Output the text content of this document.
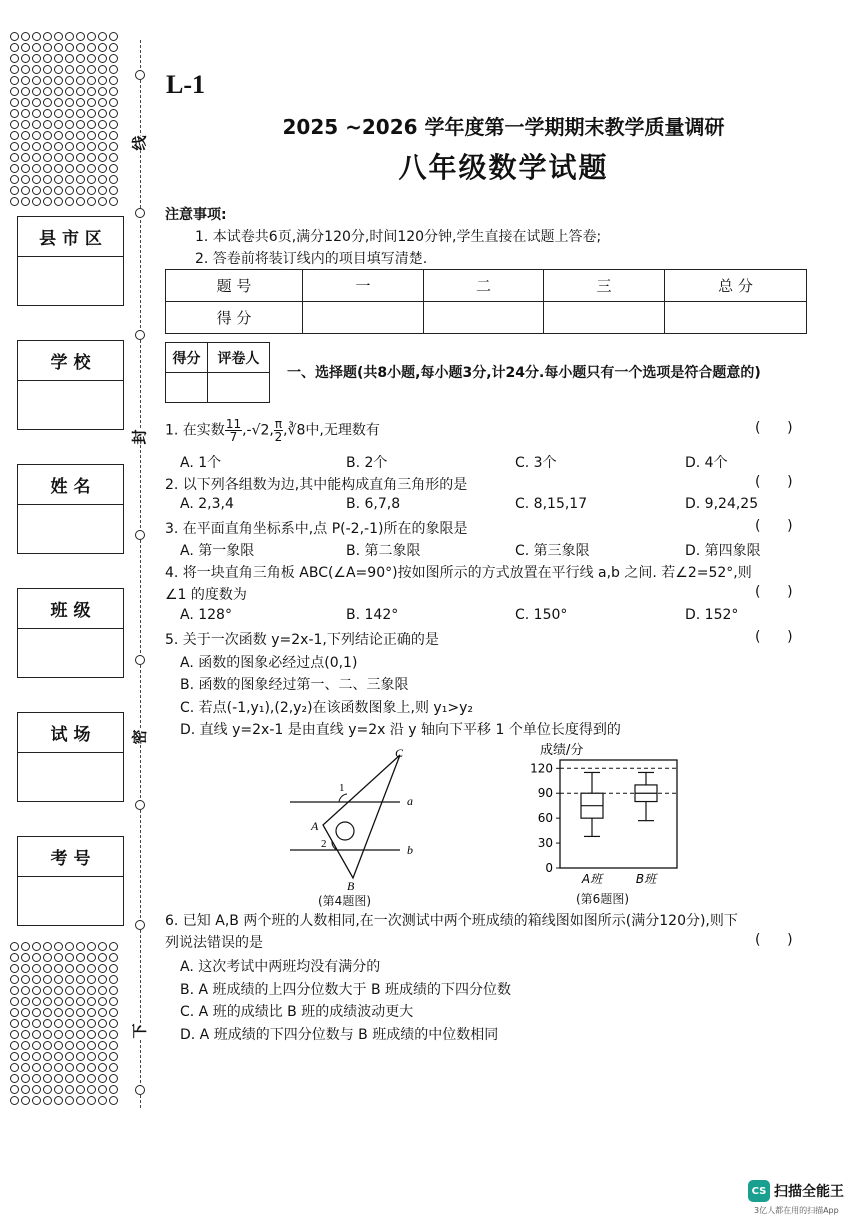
线
封
密
下
县 市 区
学 校
姓 名
班 级
试 场
考 号
L-1
2025 ~2026 学年度第一学期期末教学质量调研
八年级数学试题
注意事项:
1. 本试卷共6页,满分120分,时间120分钟,学生直接在试题上答卷;
2. 答卷前将装订线内的项目填写清楚.
题 号	一	二	三	总 分
得 分				
得分	评卷人

一、选择题(共8小题,每小题3分,计24分.每小题只有一个选项是符合题意的)
1. 在实数 $\frac{11}{7} ,-√2$, $\frac{\pi}{2}$ ,∛8中,无理数有	(      )
A. 1个	B. 2个	C. 3个	D. 4个
2. 以下列各组数为边,其中能构成直角三角形的是	(      )
A. 2,3,4	B. 6,7,8	C. 8,15,17	D. 9,24,25
3. 在平面直角坐标系中,点 P(-2,-1)所在的象限是	(      )
A. 第一象限	B. 第二象限	C. 第三象限	D. 第四象限
4. 将一块直角三角板 ABC(∠A=90°)按如图所示的方式放置在平行线 a,b 之间. 若∠2=52°,则
∠1 的度数为	(      )
A. 128°	B. 142°	C. 150°	D. 152°
5. 关于一次函数 y=2x-1,下列结论正确的是	(      )
A. 函数的图象必经过点(0,1)
B. 函数的图象经过第一、二、三象限
C. 若点(-1,y₁),(2,y₂)在该函数图象上,则 y₁>y₂
D. 直线 y=2x-1 是由直线 y=2x 沿 y 轴向下平移 1 个单位长度得到的
a
b
A
B
C
1
2
(第4题图)
成绩/分
0
30
60
90
120
A班	B班
(第6题图)
6. 已知 A,B 两个班的人数相同,在一次测试中两个班成绩的箱线图如图所示(满分120分),则下
列说法错误的是	(      )
A. 这次考试中两班均没有满分的
B. A 班成绩的上四分位数大于 B 班成绩的下四分位数
C. A 班的成绩比 B 班的成绩波动更大
D. A 班成绩的下四分位数与 B 班成绩的中位数相同
CS 扫描全能王
3亿人都在用的扫描App
